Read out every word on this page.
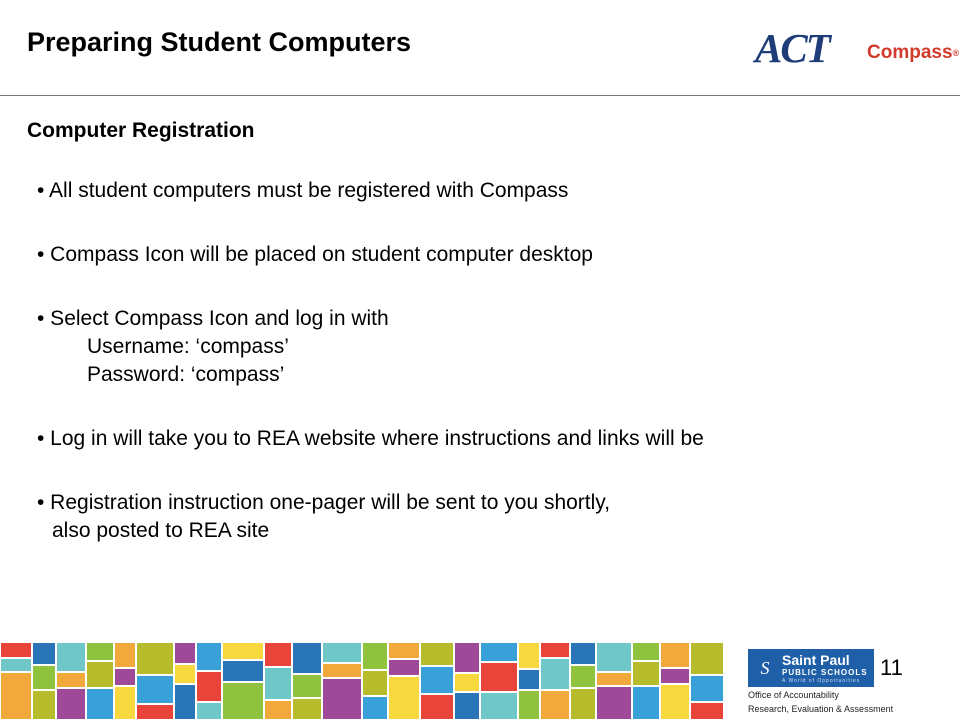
Preparing Student Computers	ACT Compass®
Computer Registration
• All student computers must be registered with Compass
• Compass Icon will be placed on student computer desktop
• Select Compass Icon and log in with
Username: ‘compass’
Password: ‘compass’
• Log in will take you to REA website where instructions and links will be
• Registration instruction one-pager will be sent to you shortly,
also posted to REA site
S Saint Paul
PUBLIC SCHOOLS
A World of Opportunities
Office of Accountability
Research, Evaluation & Assessment
11
